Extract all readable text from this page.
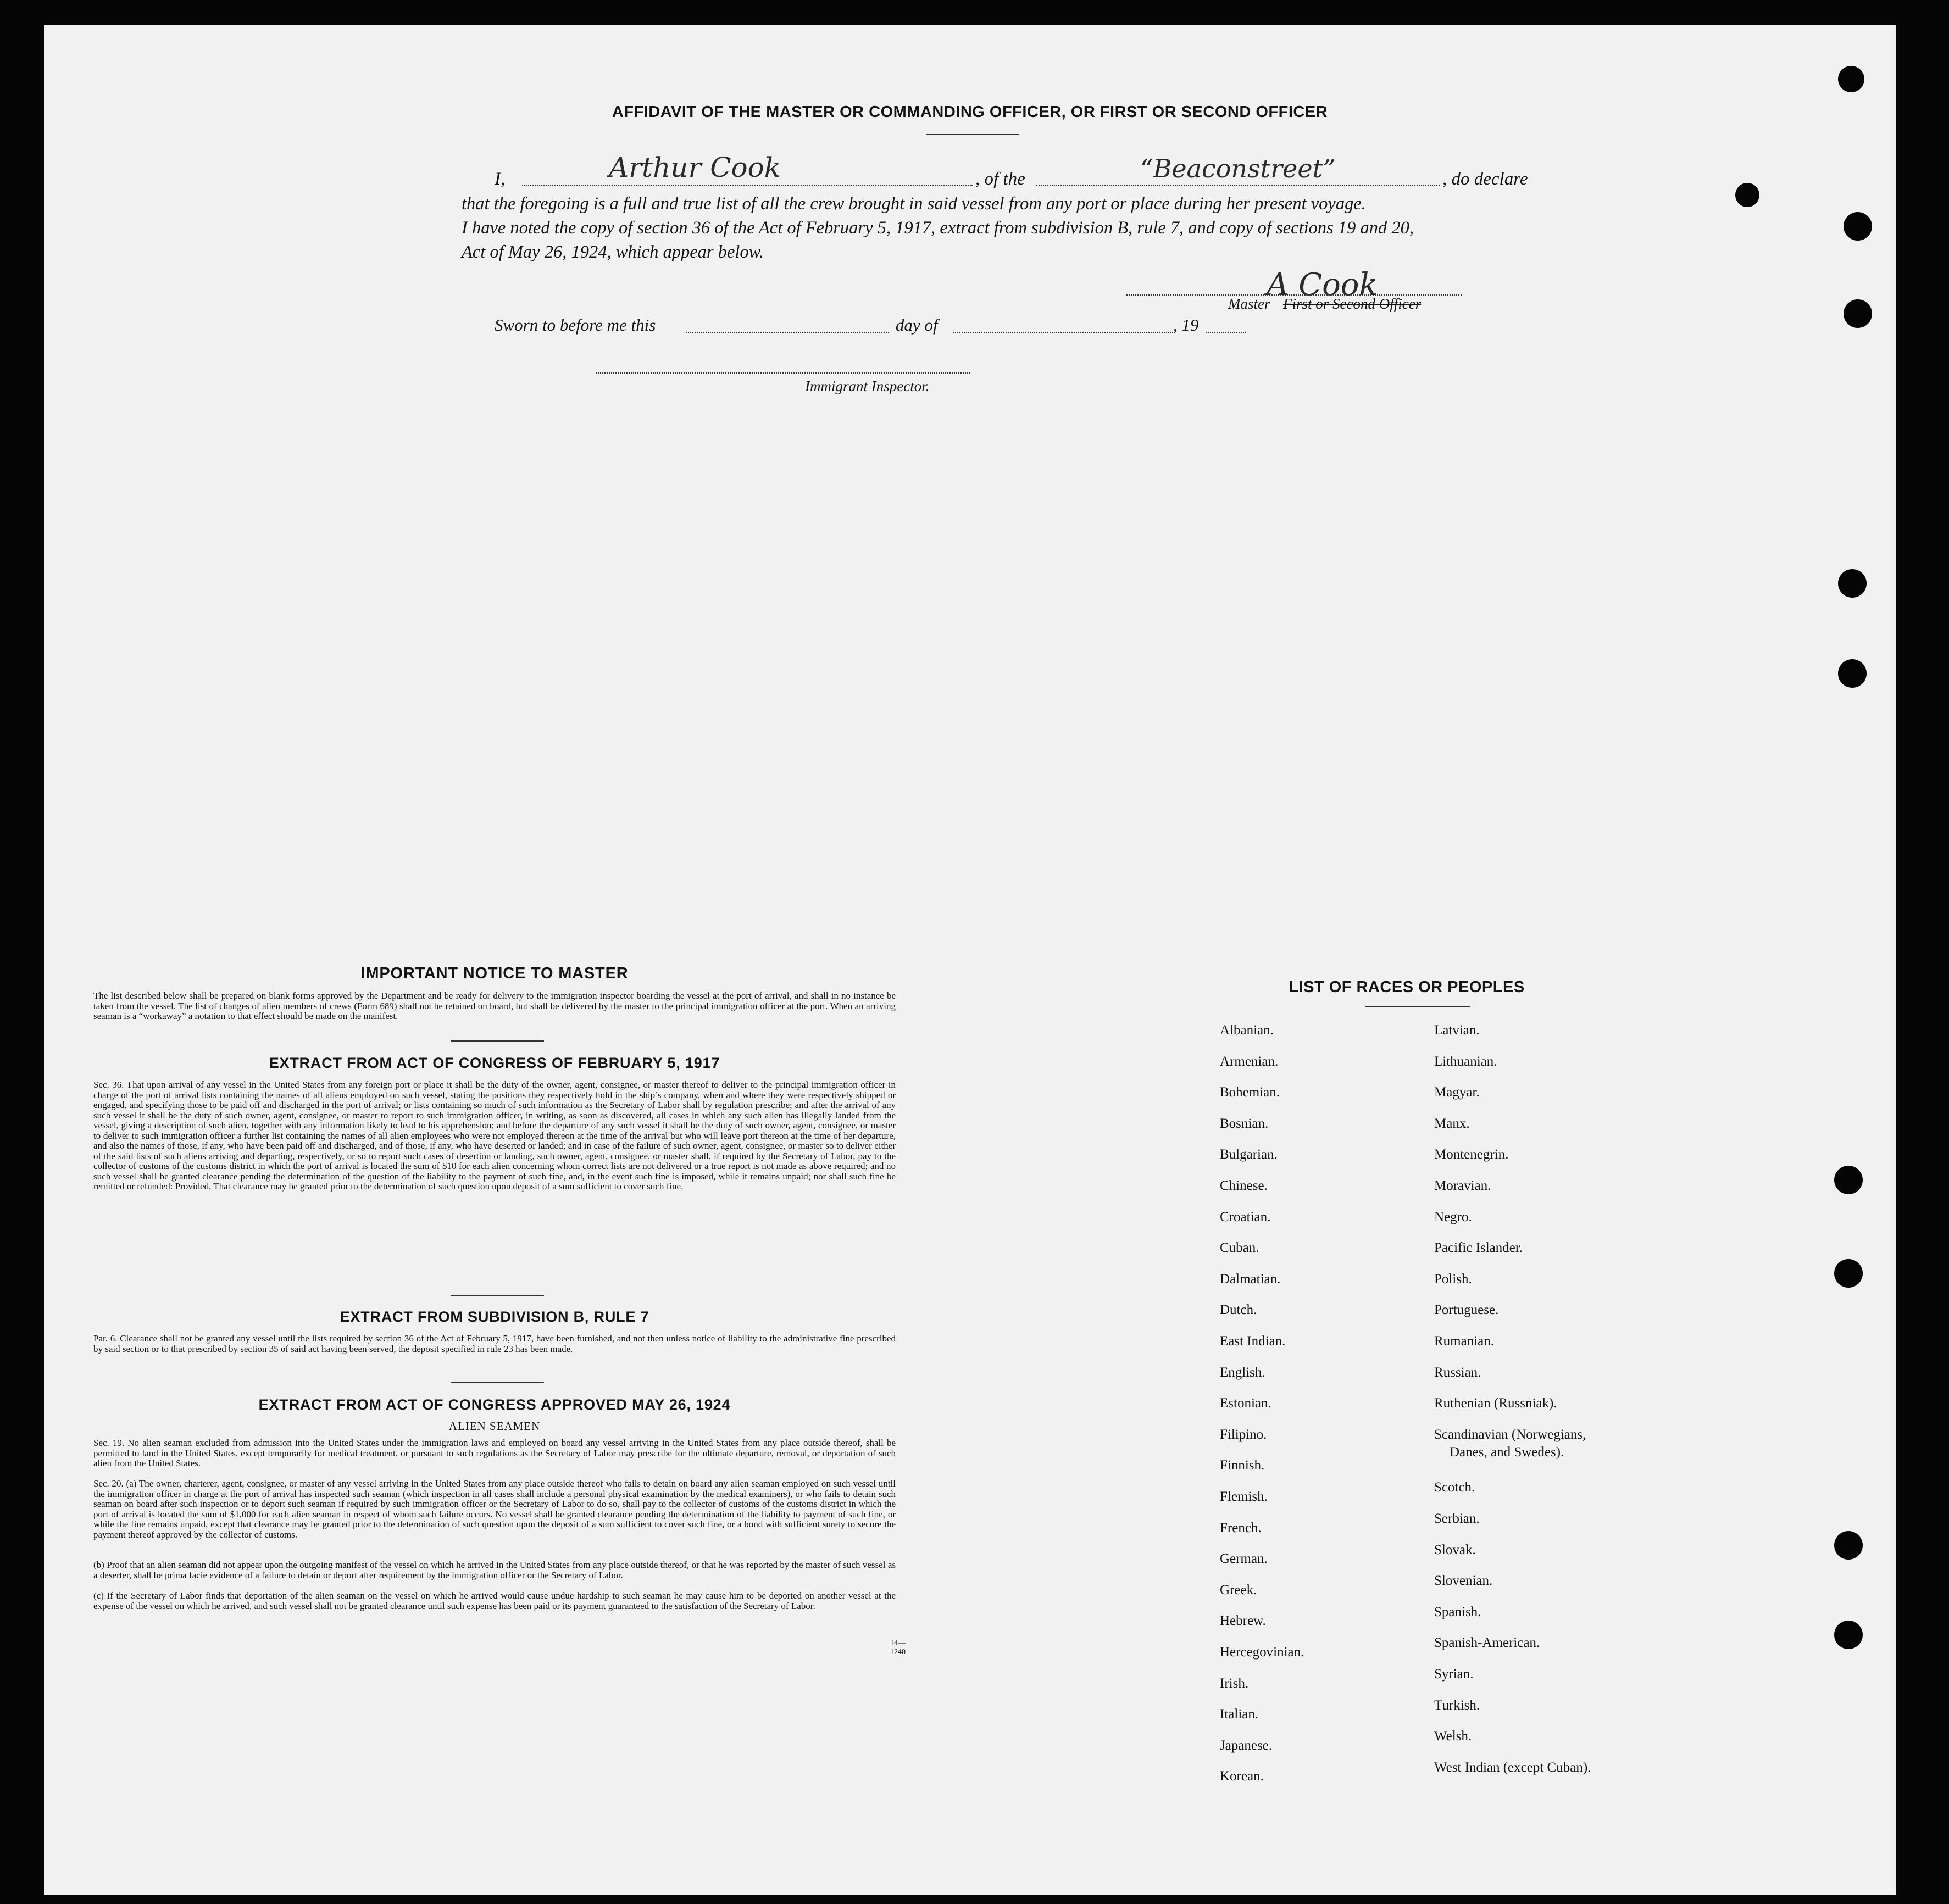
AFFIDAVIT OF THE MASTER OR COMMANDING OFFICER, OR FIRST OR SECOND OFFICER
I,	Arthur Cook	, of the	“Beaconstreet”	, do declare
that the foregoing is a full and true list of all the crew brought in said vessel from any port or place during her present voyage.
I have noted the copy of section 36 of the Act of February 5, 1917, extract from subdivision B, rule 7, and copy of sections 19 and 20,
Act of May 26, 1924, which appear below.
A Cook
Master First or Second Officer
Sworn to before me this	day of	, 19
Immigrant Inspector.
IMPORTANT NOTICE TO MASTER
The list described below shall be prepared on blank forms approved by the Department and be ready for delivery to the immigration inspector boarding the vessel at the port of arrival, and shall in no instance be taken from the vessel. The list of changes of alien members of crews (Form 689) shall not be retained on board, but shall be delivered by the master to the principal immigration officer at the port. When an arriving seaman is a “workaway” a notation to that effect should be made on the manifest.
EXTRACT FROM ACT OF CONGRESS OF FEBRUARY 5, 1917
Sec. 36. That upon arrival of any vessel in the United States from any foreign port or place it shall be the duty of the owner, agent, consignee, or master thereof to deliver to the principal immigration officer in charge of the port of arrival lists containing the names of all aliens employed on such vessel, stating the positions they respectively hold in the ship’s company, when and where they were respectively shipped or engaged, and specifying those to be paid off and discharged in the port of arrival; or lists containing so much of such information as the Secretary of Labor shall by regulation prescribe; and after the arrival of any such vessel it shall be the duty of such owner, agent, consignee, or master to report to such immigration officer, in writing, as soon as discovered, all cases in which any such alien has illegally landed from the vessel, giving a description of such alien, together with any information likely to lead to his apprehension; and before the departure of any such vessel it shall be the duty of such owner, agent, consignee, or master to deliver to such immigration officer a further list containing the names of all alien employees who were not employed thereon at the time of the arrival but who will leave port thereon at the time of her departure, and also the names of those, if any, who have been paid off and discharged, and of those, if any, who have deserted or landed; and in case of the failure of such owner, agent, consignee, or master so to deliver either of the said lists of such aliens arriving and departing, respectively, or so to report such cases of desertion or landing, such owner, agent, consignee, or master shall, if required by the Secretary of Labor, pay to the collector of customs of the customs district in which the port of arrival is located the sum of $10 for each alien concerning whom correct lists are not delivered or a true report is not made as above required; and no such vessel shall be granted clearance pending the determination of the question of the liability to the payment of such fine, and, in the event such fine is imposed, while it remains unpaid; nor shall such fine be remitted or refunded: Provided, That clearance may be granted prior to the determination of such question upon deposit of a sum sufficient to cover such fine.
EXTRACT FROM SUBDIVISION B, RULE 7
Par. 6. Clearance shall not be granted any vessel until the lists required by section 36 of the Act of February 5, 1917, have been furnished, and not then unless notice of liability to the administrative fine prescribed by said section or to that prescribed by section 35 of said act having been served, the deposit specified in rule 23 has been made.
EXTRACT FROM ACT OF CONGRESS APPROVED MAY 26, 1924
ALIEN SEAMEN
Sec. 19. No alien seaman excluded from admission into the United States under the immigration laws and employed on board any vessel arriving in the United States from any place outside thereof, shall be permitted to land in the United States, except temporarily for medical treatment, or pursuant to such regulations as the Secretary of Labor may prescribe for the ultimate departure, removal, or deportation of such alien from the United States.
Sec. 20. (a) The owner, charterer, agent, consignee, or master of any vessel arriving in the United States from any place outside thereof who fails to detain on board any alien seaman employed on such vessel until the immigration officer in charge at the port of arrival has inspected such seaman (which inspection in all cases shall include a personal physical examination by the medical examiners), or who fails to detain such seaman on board after such inspection or to deport such seaman if required by such immigration officer or the Secretary of Labor to do so, shall pay to the collector of customs of the customs district in which the port of arrival is located the sum of $1,000 for each alien seaman in respect of whom such failure occurs. No vessel shall be granted clearance pending the determination of the liability to payment of such fine, or while the fine remains unpaid, except that clearance may be granted prior to the determination of such question upon the deposit of a sum sufficient to cover such fine, or a bond with sufficient surety to secure the payment thereof approved by the collector of customs.
(b) Proof that an alien seaman did not appear upon the outgoing manifest of the vessel on which he arrived in the United States from any place outside thereof, or that he was reported by the master of such vessel as a deserter, shall be prima facie evidence of a failure to detain or deport after requirement by the immigration officer or the Secretary of Labor.
(c) If the Secretary of Labor finds that deportation of the alien seaman on the vessel on which he arrived would cause undue hardship to such seaman he may cause him to be deported on another vessel at the expense of the vessel on which he arrived, and such vessel shall not be granted clearance until such expense has been paid or its payment guaranteed to the satisfaction of the Secretary of Labor.
14—1240
LIST OF RACES OR PEOPLES
Albanian.
Armenian.
Bohemian.
Bosnian.
Bulgarian.
Chinese.
Croatian.
Cuban.
Dalmatian.
Dutch.
East Indian.
English.
Estonian.
Filipino.
Finnish.
Flemish.
French.
German.
Greek.
Hebrew.
Hercegovinian.
Irish.
Italian.
Japanese.
Korean.
Latvian.
Lithuanian.
Magyar.
Manx.
Montenegrin.
Moravian.
Negro.
Pacific Islander.
Polish.
Portuguese.
Rumanian.
Russian.
Ruthenian (Russniak).
Scandinavian (Norwegians,
Danes, and Swedes).
Scotch.
Serbian.
Slovak.
Slovenian.
Spanish.
Spanish-American.
Syrian.
Turkish.
Welsh.
West Indian (except Cuban).
